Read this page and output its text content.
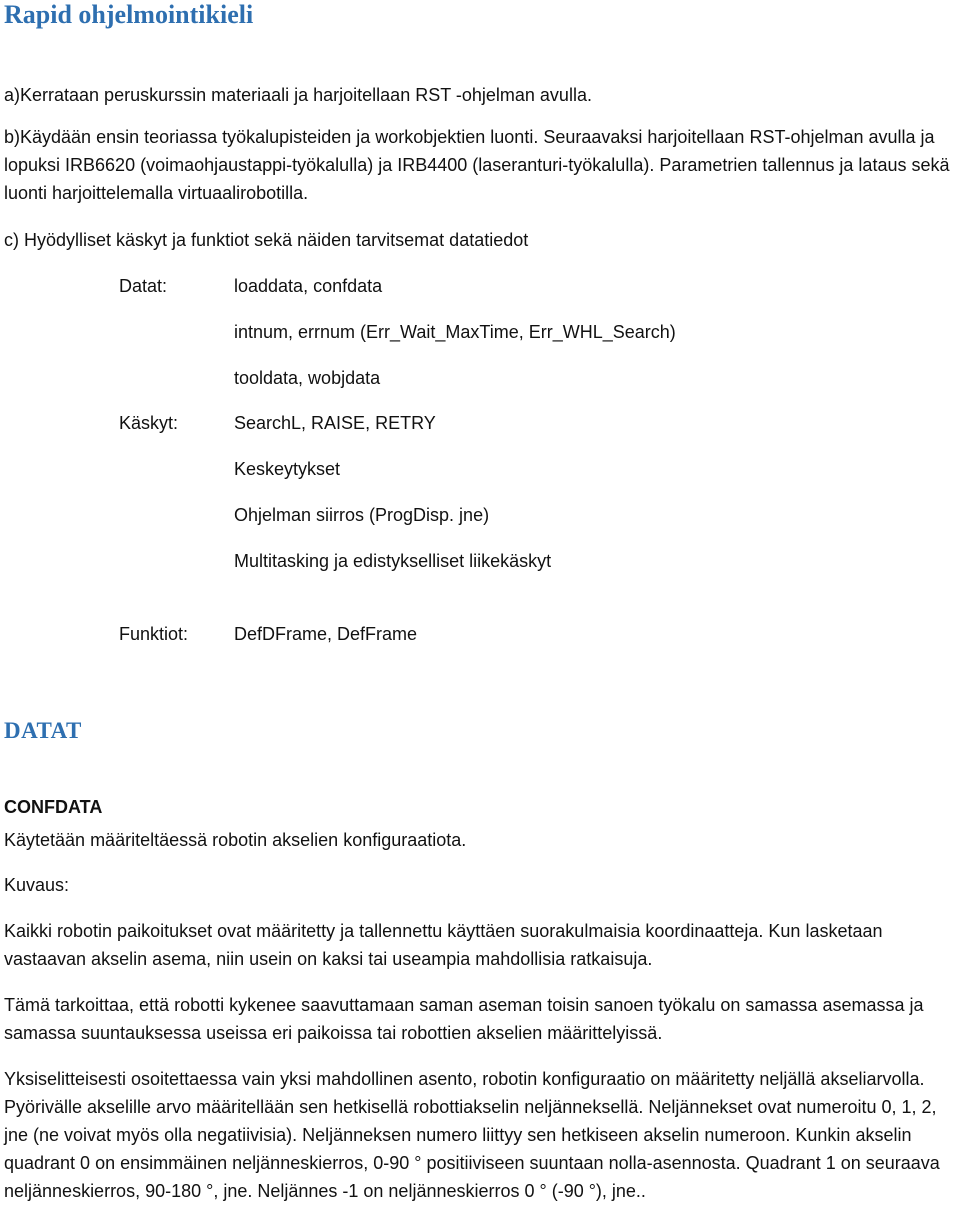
Rapid ohjelmointikieli

a)Kerrataan peruskurssin materiaali ja harjoitellaan RST -ohjelman avulla.

b)Käydään ensin teoriassa työkalupisteiden ja workobjektien luonti. Seuraavaksi harjoitellaan RST-ohjelman avulla ja lopuksi IRB6620 (voimaohjaustappi-työkalulla) ja IRB4400 (laseranturi-työkalulla). Parametrien tallennus ja lataus sekä luonti harjoittelemalla virtuaalirobotilla.

c) Hyödylliset käskyt ja funktiot sekä näiden tarvitsemat datatiedot

Datat:	loaddata, confdata

intnum, errnum (Err_Wait_MaxTime, Err_WHL_Search)

tooldata, wobjdata

Käskyt:	SearchL, RAISE, RETRY

Keskeytykset

Ohjelman siirros (ProgDisp. jne)

Multitasking ja edistykselliset liikekäskyt

Funktiot:	DefDFrame, DefFrame

DATAT
CONFDATA

Käytetään määriteltäessä robotin akselien konfiguraatiota.

Kuvaus:

Kaikki robotin paikoitukset ovat määritetty ja tallennettu käyttäen suorakulmaisia koordinaatteja. Kun lasketaan vastaavan akselin asema, niin usein on kaksi tai useampia mahdollisia ratkaisuja.

Tämä tarkoittaa, että robotti kykenee saavuttamaan saman aseman toisin sanoen työkalu on samassa asemassa ja samassa suuntauksessa useissa eri paikoissa tai robottien akselien määrittelyissä.

Yksiselitteisesti osoitettaessa vain yksi mahdollinen asento, robotin konfiguraatio on määritetty neljällä akseliarvolla. Pyörivälle akselille arvo määritellään sen hetkisellä robottiakselin neljänneksellä. Neljännekset ovat numeroitu 0, 1, 2, jne (ne voivat myös olla negatiivisia). Neljänneksen numero liittyy sen hetkiseen akselin numeroon. Kunkin akselin quadrant 0 on ensimmäinen neljänneskierros, 0-90 ° positiiviseen suuntaan nolla-asennosta. Quadrant 1 on seuraava neljänneskierros, 90-180 °, jne. Neljännes -1 on neljänneskierros 0 ° (-90 °), jne..
